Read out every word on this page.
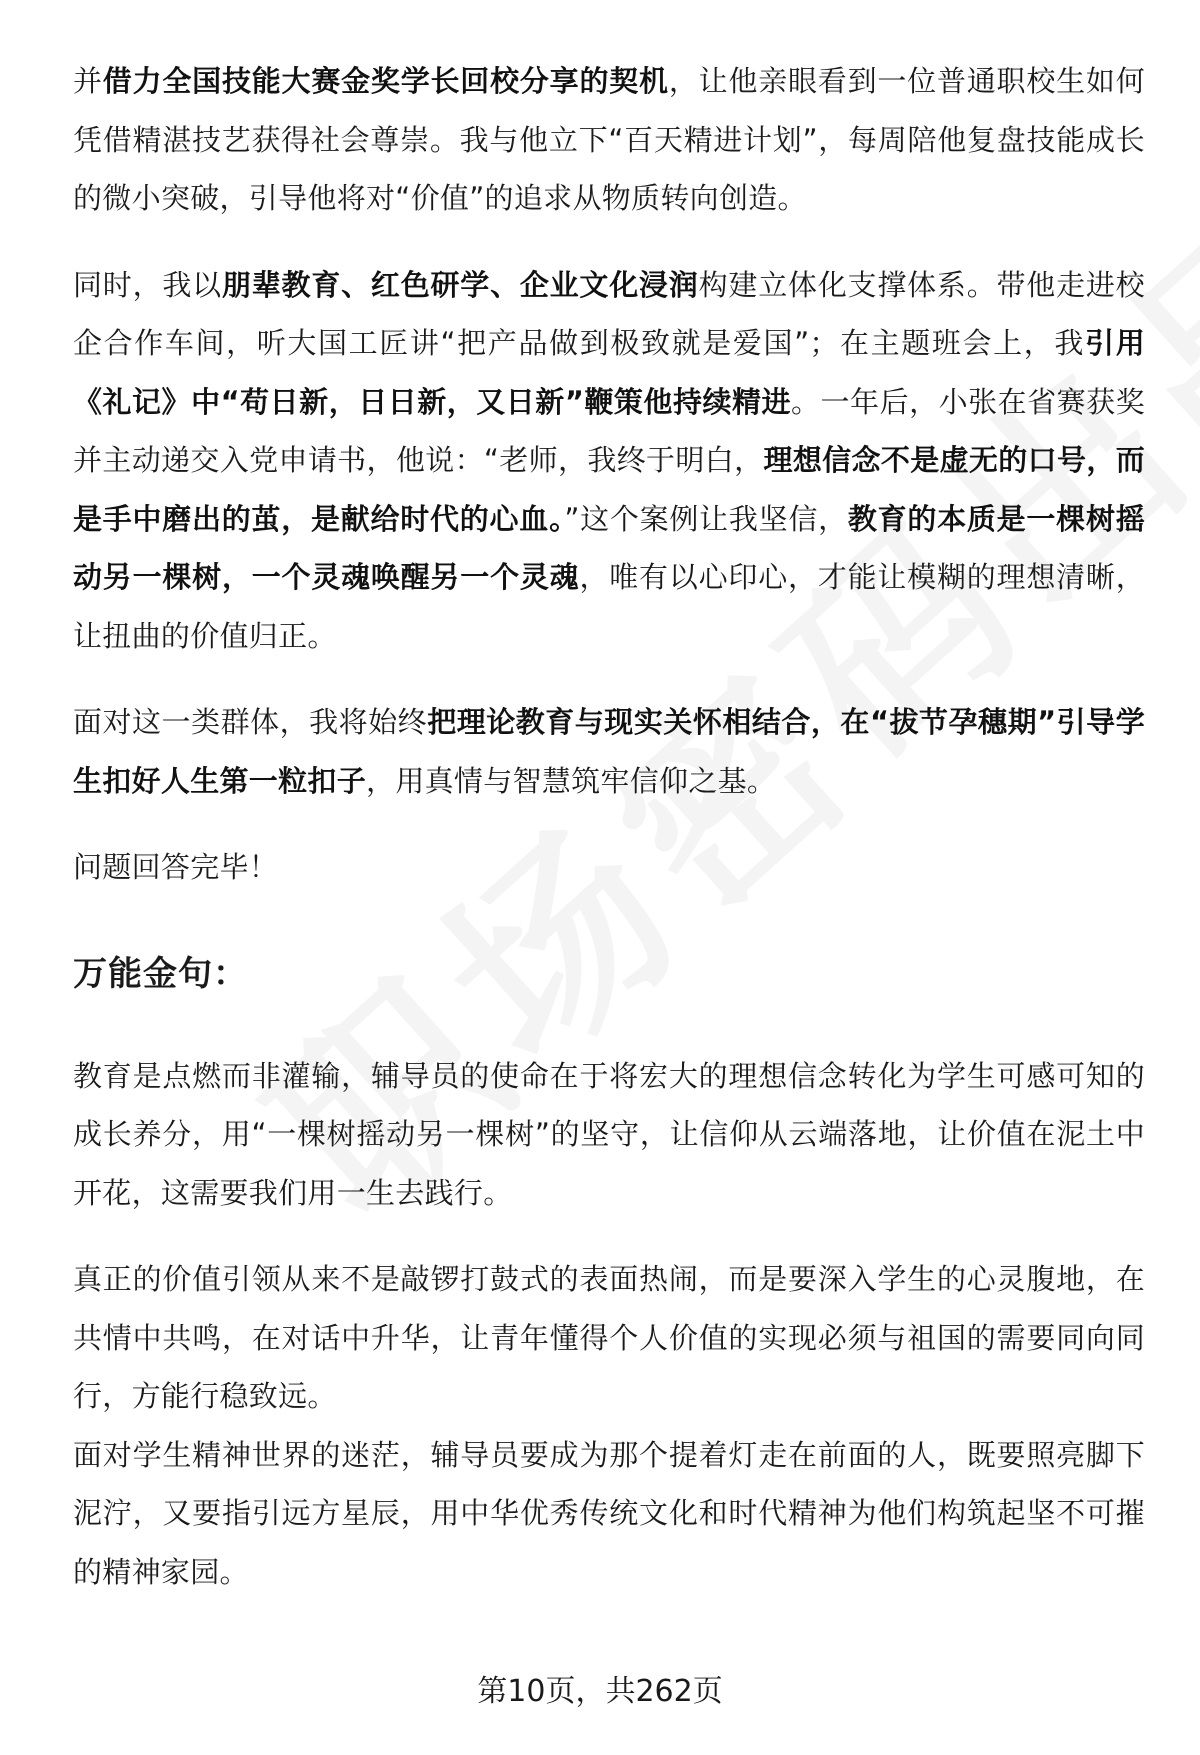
并借力全国技能大赛金奖学长回校分享的契机，让他亲眼看到一位普通职校生如何凭借精湛技艺获得社会尊崇。我与他立下“百天精进计划”，每周陪他复盘技能成长的微小突破，引导他将对“价值”的追求从物质转向创造。

同时，我以朋辈教育、红色研学、企业文化浸润构建立体化支撑体系。带他走进校企合作车间，听大国工匠讲“把产品做到极致就是爱国”；在主题班会上，我引用《礼记》中“苟日新，日日新，又日新”鞭策他持续精进。一年后，小张在省赛获奖并主动递交入党申请书，他说：“老师，我终于明白，理想信念不是虚无的口号，而是手中磨出的茧，是献给时代的心血。”这个案例让我坚信，教育的本质是一棵树摇动另一棵树，一个灵魂唤醒另一个灵魂，唯有以心印心，才能让模糊的理想清晰，让扭曲的价值归正。

面对这一类群体，我将始终把理论教育与现实关怀相结合，在“拔节孕穗期”引导学生扣好人生第一粒扣子，用真情与智慧筑牢信仰之基。

问题回答完毕！

万能金句：

教育是点燃而非灌输，辅导员的使命在于将宏大的理想信念转化为学生可感可知的成长养分，用“一棵树摇动另一棵树”的坚守，让信仰从云端落地，让价值在泥土中开花，这需要我们用一生去践行。

真正的价值引领从来不是敲锣打鼓式的表面热闹，而是要深入学生的心灵腹地，在共情中共鸣，在对话中升华，让青年懂得个人价值的实现必须与祖国的需要同向同行，方能行稳致远。

面对学生精神世界的迷茫，辅导员要成为那个提着灯走在前面的人，既要照亮脚下泥泞，又要指引远方星辰，用中华优秀传统文化和时代精神为他们构筑起坚不可摧的精神家园。

第10页，共262页
